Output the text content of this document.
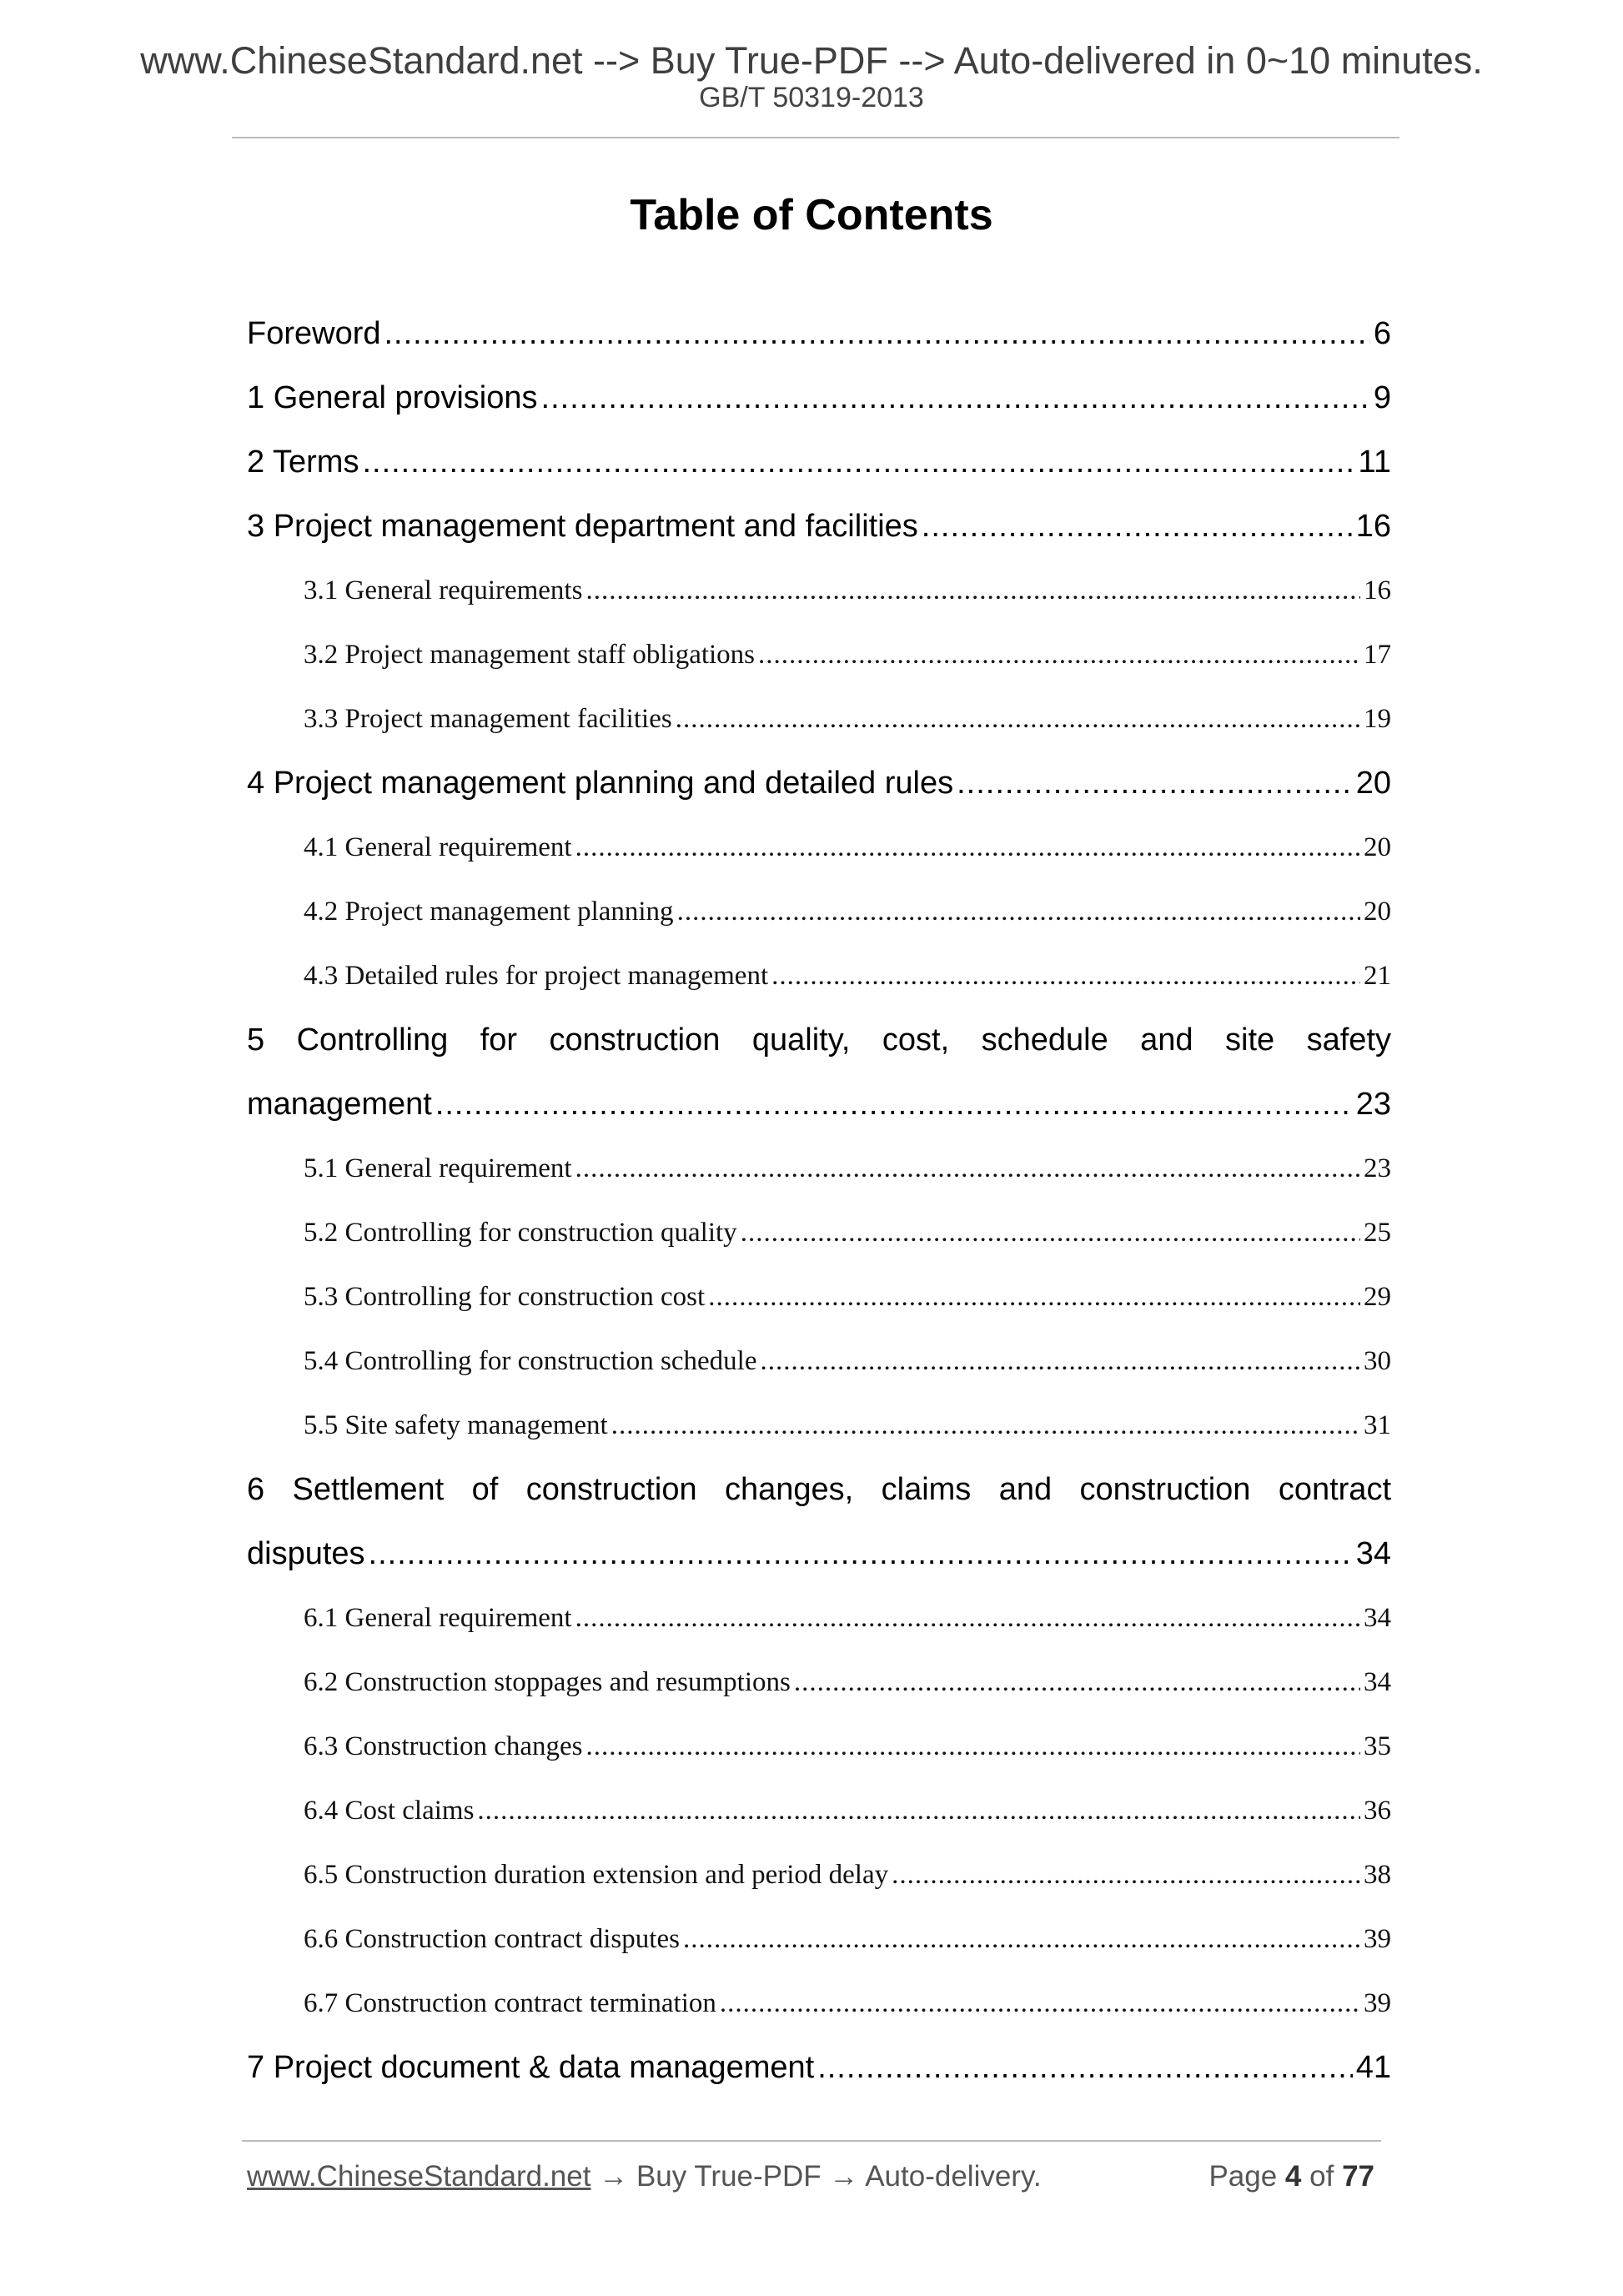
www.ChineseStandard.net --> Buy True-PDF --> Auto-delivered in 0~10 minutes.
GB/T 50319-2013
Table of Contents
Foreword .....	6
1 General provisions .....	9
2 Terms .....	11
3 Project management department and facilities .....	16
3.1 General requirements .....	16
3.2 Project management staff obligations .....	17
3.3 Project management facilities .....	19
4 Project management planning and detailed rules .....	20
4.1 General requirement .....	20
4.2 Project management planning .....	20
4.3 Detailed rules for project management .....	21
5 Controlling for construction quality, cost, schedule and site safety
management .....	23
5.1 General requirement .....	23
5.2 Controlling for construction quality .....	25
5.3 Controlling for construction cost .....	29
5.4 Controlling for construction schedule .....	30
5.5 Site safety management .....	31
6 Settlement of construction changes, claims and construction contract
disputes .....	34
6.1 General requirement .....	34
6.2 Construction stoppages and resumptions .....	34
6.3 Construction changes .....	35
6.4 Cost claims .....	36
6.5 Construction duration extension and period delay .....	38
6.6 Construction contract disputes .....	39
6.7 Construction contract termination .....	39
7 Project document & data management .....	41
www.ChineseStandard.net → Buy True-PDF → Auto-delivery.	Page 4 of 77
